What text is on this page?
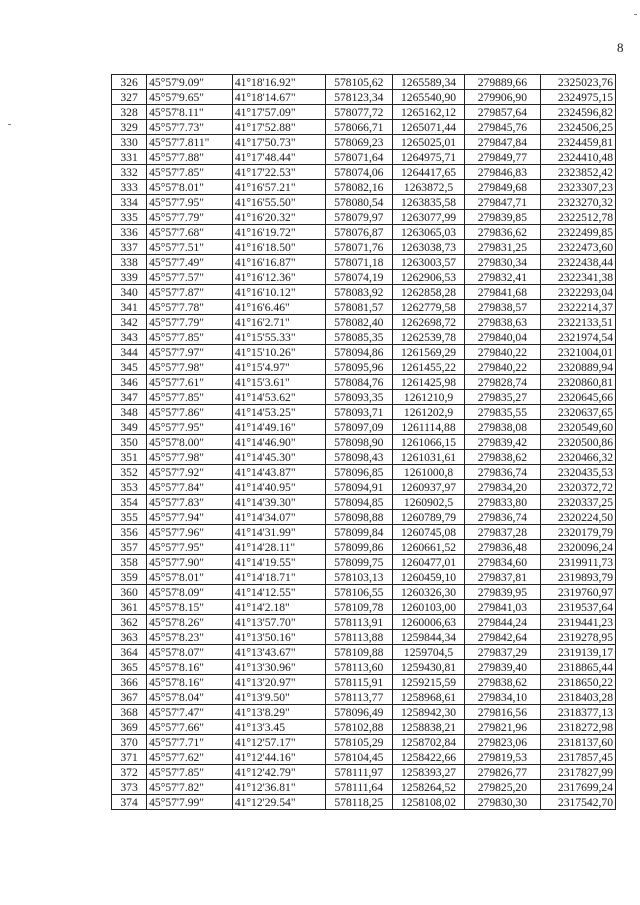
8
326	45°57'9.09"	41°18'16.92"	578105,62	1265589,34	279889,66	2325023,76
327	45°57'9.65"	41°18'14.67"	578123,34	1265540,90	279906,90	2324975,15
328	45°57'8.11"	41°17'57.09"	578077,72	1265162,12	279857,64	2324596,82
329	45°57'7.73"	41°17'52.88"	578066,71	1265071,44	279845,76	2324506,25
330	45°57'7.811"	41°17'50.73"	578069,23	1265025,01	279847,84	2324459,81
331	45°57'7.88"	41°17'48.44"	578071,64	1264975,71	279849,77	2324410,48
332	45°57'7.85"	41°17'22.53"	578074,06	1264417,65	279846,83	2323852,42
333	45°57'8.01"	41°16'57.21"	578082,16	1263872,5	279849,68	2323307,23
334	45°57'7.95"	41°16'55.50"	578080,54	1263835,58	279847,71	2323270,32
335	45°57'7.79"	41°16'20.32"	578079,97	1263077,99	279839,85	2322512,78
336	45°57'7.68"	41°16'19.72"	578076,87	1263065,03	279836,62	2322499,85
337	45°57'7.51"	41°16'18.50"	578071,76	1263038,73	279831,25	2322473,60
338	45°57'7.49"	41°16'16.87"	578071,18	1263003,57	279830,34	2322438,44
339	45°57'7.57"	41°16'12.36"	578074,19	1262906,53	279832,41	2322341,38
340	45°57'7.87"	41°16'10.12"	578083,92	1262858,28	279841,68	2322293,04
341	45°57'7.78"	41°16'6.46"	578081,57	1262779,58	279838,57	2322214,37
342	45°57'7.79"	41°16'2.71"	578082,40	1262698,72	279838,63	2322133,51
343	45°57'7.85"	41°15'55.33"	578085,35	1262539,78	279840,04	2321974,54
344	45°57'7.97"	41°15'10.26"	578094,86	1261569,29	279840,22	2321004,01
345	45°57'7.98"	41°15'4.97"	578095,96	1261455,22	279840,22	2320889,94
346	45°57'7.61"	41°15'3.61"	578084,76	1261425,98	279828,74	2320860,81
347	45°57'7.85"	41°14'53.62"	578093,35	1261210,9	279835,27	2320645,66
348	45°57'7.86"	41°14'53.25"	578093,71	1261202,9	279835,55	2320637,65
349	45°57'7.95"	41°14'49.16"	578097,09	1261114,88	279838,08	2320549,60
350	45°57'8.00"	41°14'46.90"	578098,90	1261066,15	279839,42	2320500,86
351	45°57'7.98"	41°14'45.30"	578098,43	1261031,61	279838,62	2320466,32
352	45°57'7.92"	41°14'43.87"	578096,85	1261000,8	279836,74	2320435,53
353	45°57'7.84"	41°14'40.95"	578094,91	1260937,97	279834,20	2320372,72
354	45°57'7.83"	41°14'39.30"	578094,85	1260902,5	279833,80	2320337,25
355	45°57'7.94"	41°14'34.07"	578098,88	1260789,79	279836,74	2320224,50
356	45°57'7.96"	41°14'31.99"	578099,84	1260745,08	279837,28	2320179,79
357	45°57'7.95"	41°14'28.11"	578099,86	1260661,52	279836,48	2320096,24
358	45°57'7.90"	41°14'19.55"	578099,75	1260477,01	279834,60	2319911,73
359	45°57'8.01"	41°14'18.71"	578103,13	1260459,10	279837,81	2319893,79
360	45°57'8.09"	41°14'12.55"	578106,55	1260326,30	279839,95	2319760,97
361	45°57'8.15"	41°14'2.18"	578109,78	1260103,00	279841,03	2319537,64
362	45°57'8.26"	41°13'57.70"	578113,91	1260006,63	279844,24	2319441,23
363	45°57'8.23"	41°13'50.16"	578113,88	1259844,34	279842,64	2319278,95
364	45°57'8.07"	41°13'43.67"	578109,88	1259704,5	279837,29	2319139,17
365	45°57'8.16"	41°13'30.96"	578113,60	1259430,81	279839,40	2318865,44
366	45°57'8.16"	41°13'20.97"	578115,91	1259215,59	279838,62	2318650,22
367	45°57'8.04"	41°13'9.50"	578113,77	1258968,61	279834,10	2318403,28
368	45°57'7.47"	41°13'8.29"	578096,49	1258942,30	279816,56	2318377,13
369	45°57'7.66"	41°13'3.45	578102,88	1258838,21	279821,96	2318272,98
370	45°57'7.71"	41°12'57.17"	578105,29	1258702,84	279823,06	2318137,60
371	45°57'7.62"	41°12'44.16"	578104,45	1258422,66	279819,53	2317857,45
372	45°57'7.85"	41°12'42.79"	578111,97	1258393,27	279826,77	2317827,99
373	45°57'7.82"	41°12'36.81"	578111,64	1258264,52	279825,20	2317699,24
374	45°57'7.99"	41°12'29.54"	578118,25	1258108,02	279830,30	2317542,70
